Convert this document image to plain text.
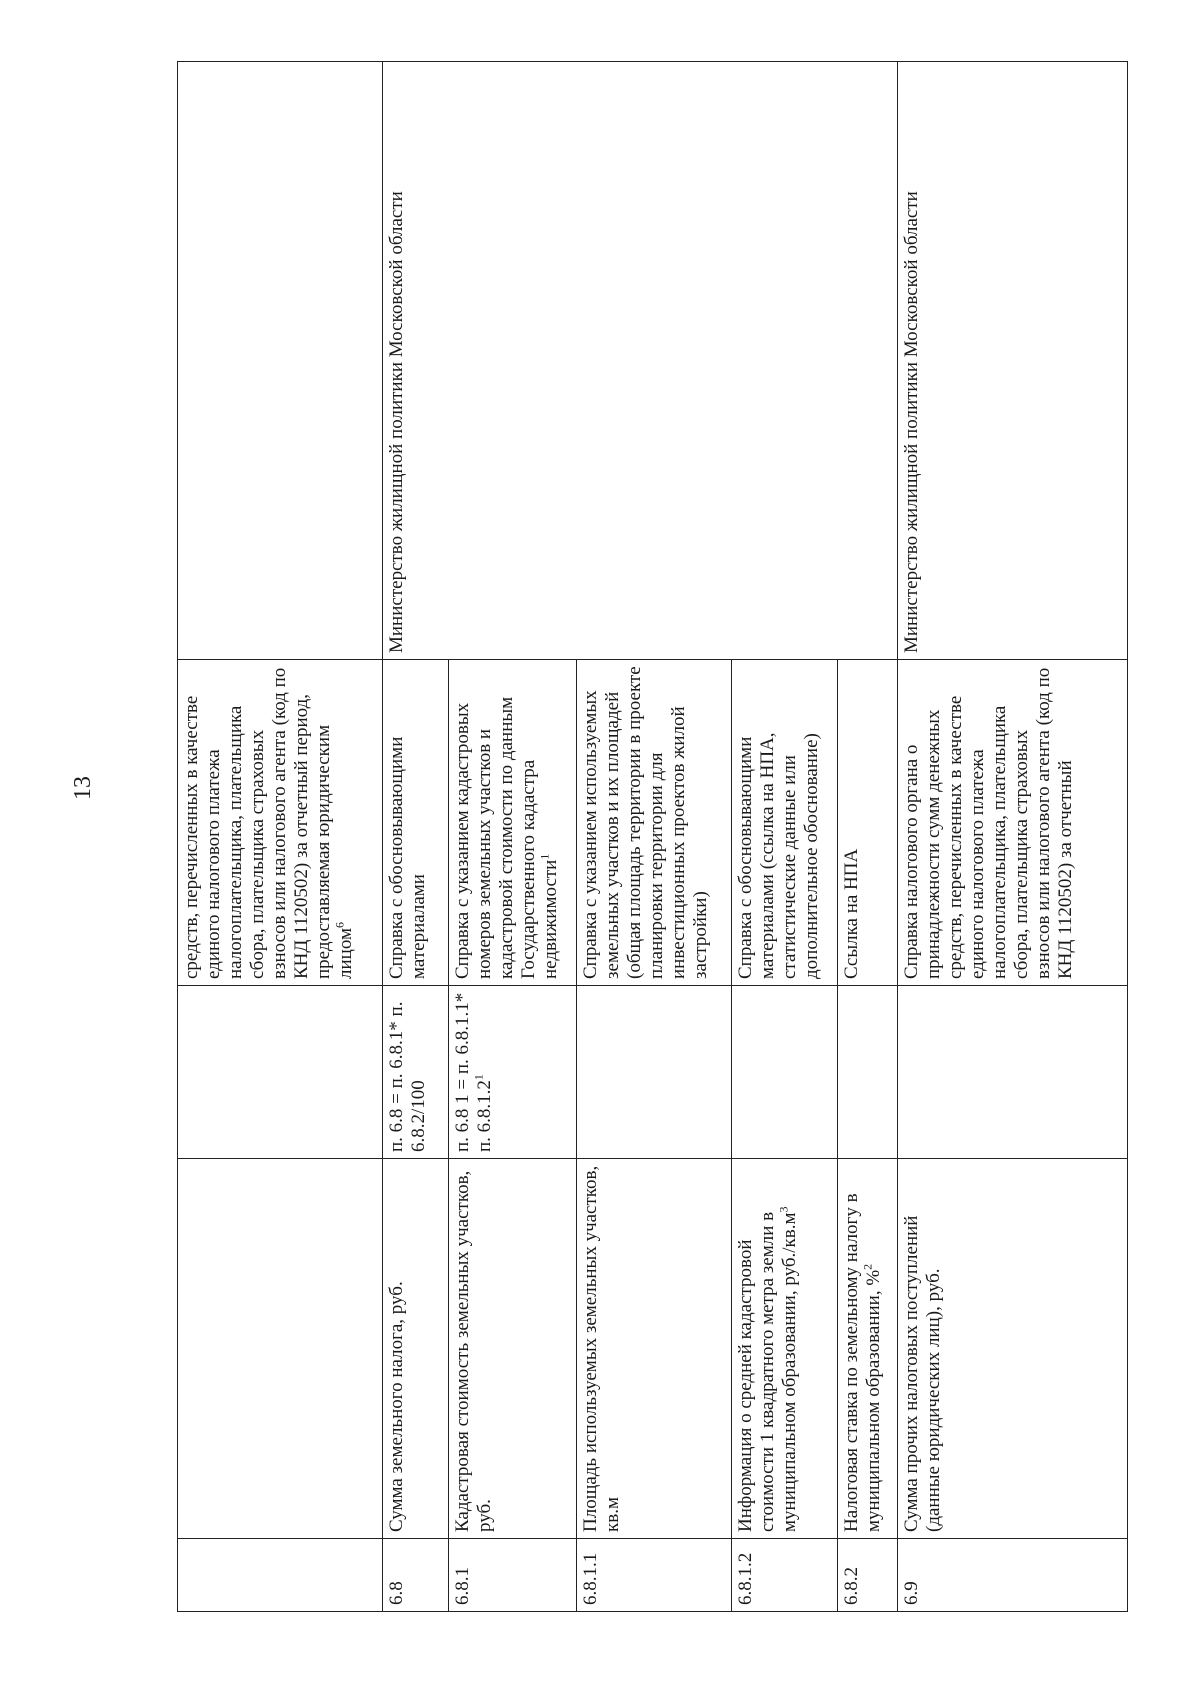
13
				средств, перечисленных в качестве единого налогового платежа налогоплательщика, плательщика сбора, плательщика страховых взносов или налогового агента (код по КНД 1120502) за отчетный период, предоставляемая юридическим лицом$^6$	
6.8	Сумма земельного налога, руб.	п. 6.8 = п. 6.8.1* п. 6.8.2/100	Справка с обосновывающими материалами	Министерство жилищной политики Московской области
6.8.1	Кадастровая стоимость земельных участков, руб.	п. 6.8 1 = п. 6.8.1.1* п. 6.8.1.2$^1$	Справка с указанием кадастровых номеров земельных участков и кадастровой стоимости по данным Государственного кадастра недвижимости$^1$
6.8.1.1	Площадь используемых земельных участков, кв.м		Справка с указанием используемых земельных участков и их площадей (общая площадь территории в проекте планировки территории для инвестиционных проектов жилой застройки)	
6.8.1.2	Информация о средней кадастровой стоимости 1 квадратного метра земли в муниципальном образовании, $руб./кв.м^3$		Справка с обосновывающими материалами (ссылка на НПА, статистические данные или дополнительное обоснование)	
6.8.2	Налоговая ставка по земельному налогу в муниципальном образовании, %$^2$		Ссылка на НПА	
6.9	Сумма прочих налоговых поступлений (данные юридических лиц), руб.		Справка налогового органа о принадлежности сумм денежных средств, перечисленных в качестве единого налогового платежа налогоплательщика, плательщика сбора, плательщика страховых взносов или налогового агента (код по КНД 1120502) за отчетный	Министерство жилищной политики Московской области
